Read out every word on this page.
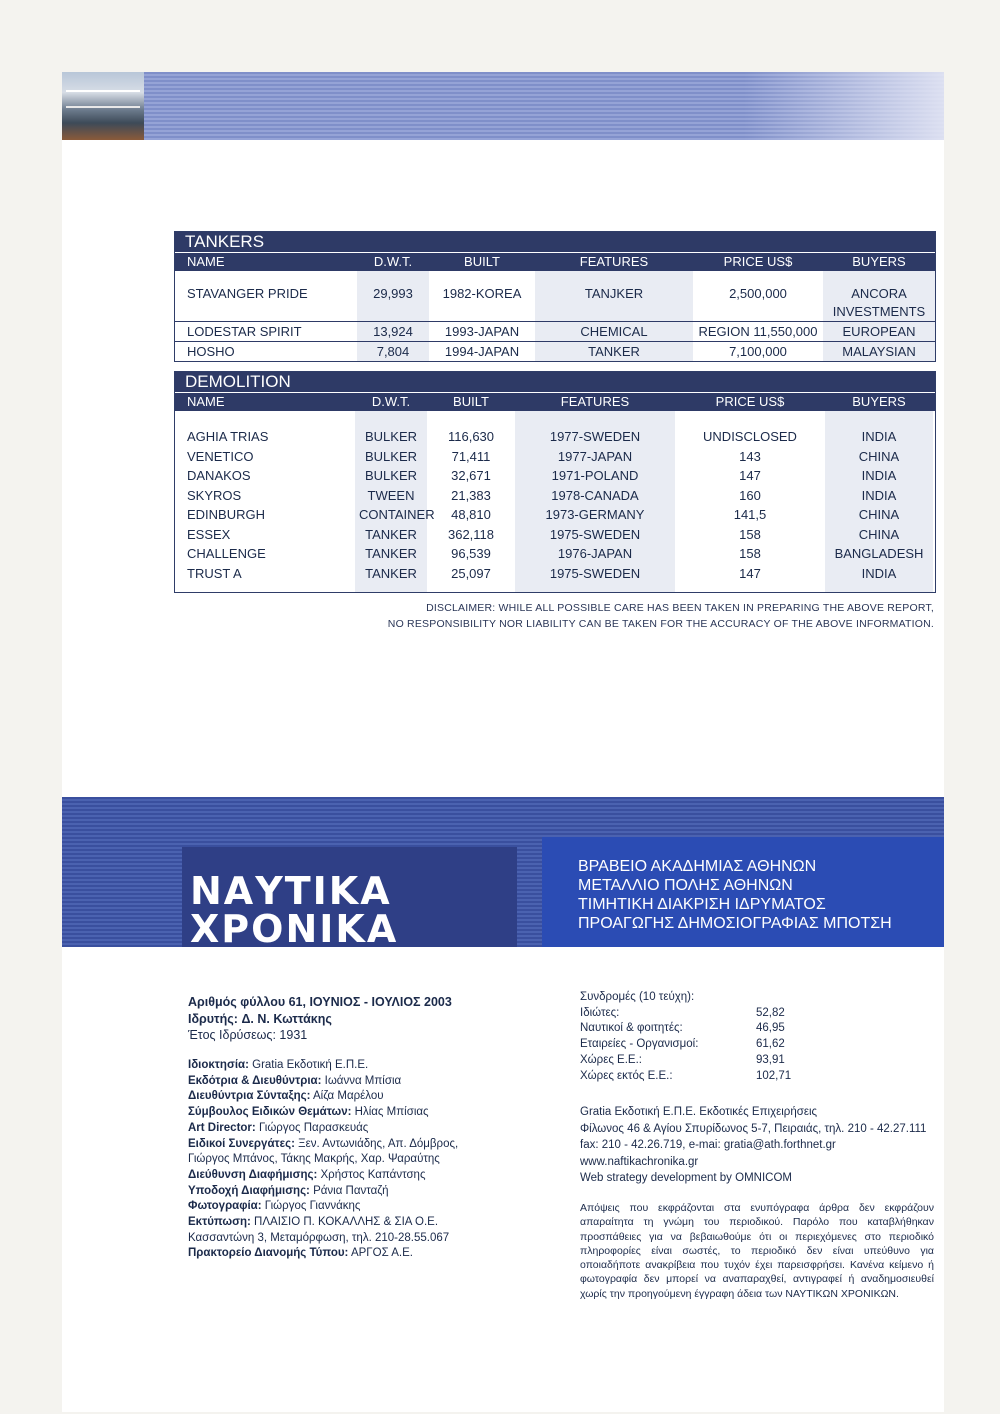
TANKERS
NAME	D.W.T.	BUILT	FEATURES	PRICE US$	BUYERS
STAVANGER PRIDE	29,993	1982-KOREA	TANJKER	2,500,000	ANCORA INVESTMENTS
LODESTAR SPIRIT	13,924	1993-JAPAN	CHEMICAL	REGION 11,550,000	EUROPEAN
HOSHO	7,804	1994-JAPAN	TANKER	7,100,000	MALAYSIAN
DEMOLITION
NAME	D.W.T.	BUILT	FEATURES	PRICE US$	BUYERS
AGHIA TRIAS	BULKER	116,630	1977-SWEDEN	UNDISCLOSED	INDIA
VENETICO	BULKER	71,411	1977-JAPAN	143	CHINA
DANAKOS	BULKER	32,671	1971-POLAND	147	INDIA
SKYROS	TWEEN	21,383	1978-CANADA	160	INDIA
EDINBURGH	CONTAINER	48,810	1973-GERMANY	141,5	CHINA
ESSEX	TANKER	362,118	1975-SWEDEN	158	CHINA
CHALLENGE	TANKER	96,539	1976-JAPAN	158	BANGLADESH
TRUST A	TANKER	25,097	1975-SWEDEN	147	INDIA
DISCLAIMER: WHILE ALL POSSIBLE CARE HAS BEEN TAKEN IN PREPARING THE ABOVE REPORT,
NO RESPONSIBILITY NOR LIABILITY CAN BE TAKEN FOR THE ACCURACY OF THE ABOVE INFORMATION.
ΝΑΥΤΙΚΑ
ΧΡΟΝΙΚΑ
ΒΡΑΒΕΙΟ ΑΚΑΔΗΜΙΑΣ ΑΘΗΝΩΝ
ΜΕΤΑΛΛΙΟ ΠΟΛΗΣ ΑΘΗΝΩΝ
ΤΙΜΗΤΙΚΗ ΔΙΑΚΡΙΣΗ ΙΔΡΥΜΑΤΟΣ
ΠΡΟΑΓΩΓΗΣ ΔΗΜΟΣΙΟΓΡΑΦΙΑΣ ΜΠΟΤΣΗ
Αριθμός φύλλου 61, ΙΟΥΝΙΟΣ - ΙΟΥΛΙΟΣ 2003
Ιδρυτής: Δ. Ν. Κωττάκης
Έτος Ιδρύσεως: 1931
Ιδιοκτησία: Gratia Εκδοτική Ε.Π.Ε.
Εκδότρια & Διευθύντρια: Ιωάννα Μπίσια
Διευθύντρια Σύνταξης: Αίζα Μαρέλου
Σύμβουλος Ειδικών Θεμάτων: Ηλίας Μπίσιας
Art Director: Γιώργος Παρασκευάς
Ειδικοί Συνεργάτες: Ξεν. Αντωνιάδης, Απ. Δόμβρος,
Γιώργος Μπάνος, Τάκης Μακρής, Χαρ. Ψαραύτης
Διεύθυνση Διαφήμισης: Χρήστος Καπάντσης
Υποδοχή Διαφήμισης: Ράνια Πανταζή
Φωτογραφία: Γιώργος Γιαννάκης
Εκτύπωση: ΠΛΑΙΣΙΟ Π. ΚΟΚΑΛΛΗΣ & ΣΙΑ Ο.Ε.
Κασσαντώνη 3, Μεταμόρφωση, τηλ. 210-28.55.067
Πρακτορείο Διανομής Τύπου: ΑΡΓΟΣ Α.Ε.
Συνδρομές (10 τεύχη):
Ιδιώτες:	52,82
Ναυτικοί & φοιτητές:	46,95
Εταιρείες - Οργανισμοί:	61,62
Χώρες Ε.Ε.:	93,91
Χώρες εκτός Ε.Ε.:	102,71
Gratia Εκδοτική Ε.Π.Ε. Εκδοτικές Επιχειρήσεις
Φίλωνος 46 & Αγίου Σπυρίδωνος 5-7, Πειραιάς, τηλ. 210 - 42.27.111
fax: 210 - 42.26.719, e-mai: gratia@ath.forthnet.gr
www.naftikachronika.gr
Web strategy development by OMNICOM
Απόψεις που εκφράζονται στα ενυπόγραφα άρθρα δεν εκφράζουν απαραίτητα τη γνώμη του περιοδικού. Παρόλο που καταβλήθηκαν προσπάθειες για να βεβαιωθούμε ότι οι περιεχόμενες στο περιοδικό πληροφορίες είναι σωστές, το περιοδικό δεν είναι υπεύθυνο για οποιαδήποτε ανακρίβεια που τυχόν έχει παρεισφρήσει. Κανένα κείμενο ή φωτογραφία δεν μπορεί να αναπαραχθεί, αντιγραφεί ή αναδημοσιευθεί χωρίς την προηγούμενη έγγραφη άδεια των ΝΑΥΤΙΚΩΝ ΧΡΟΝΙΚΩΝ.
